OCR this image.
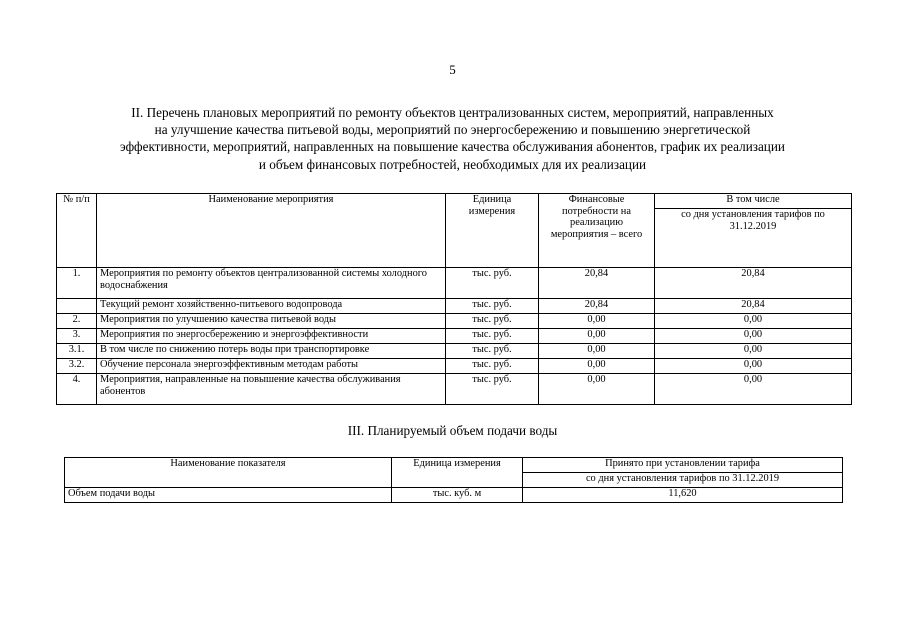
5
II. Перечень плановых мероприятий по ремонту объектов централизованных систем, мероприятий, направленных
на улучшение качества питьевой воды, мероприятий по энергосбережению и повышению энергетической
эффективности, мероприятий, направленных на повышение качества обслуживания абонентов, график их реализации
и объем финансовых потребностей, необходимых для их реализации
№ п/п	Наименование мероприятия	Единица измерения	Финансовые потребности на реализацию мероприятия – всего	В том числе
				со дня установления тарифов по 31.12.2019
1.	Мероприятия по ремонту объектов централизованной системы холодного водоснабжения	тыс. руб.	20,84	20,84
	Текущий ремонт хозяйственно-питьевого водопровода	тыс. руб.	20,84	20,84
2.	Мероприятия по улучшению качества питьевой воды	тыс. руб.	0,00	0,00
3.	Мероприятия по энергосбережению и энергоэффективности	тыс. руб.	0,00	0,00
3.1.	В том числе по снижению потерь воды при транспортировке	тыс. руб.	0,00	0,00
3.2.	Обучение персонала энергоэффективным методам работы	тыс. руб.	0,00	0,00
4.	Мероприятия, направленные на повышение качества обслуживания абонентов	тыс. руб.	0,00	0,00
III. Планируемый объем подачи воды
Наименование показателя	Единица измерения	Принято при установлении тарифа
		со дня установления тарифов по 31.12.2019
Объем подачи воды	тыс. куб. м	11,620
